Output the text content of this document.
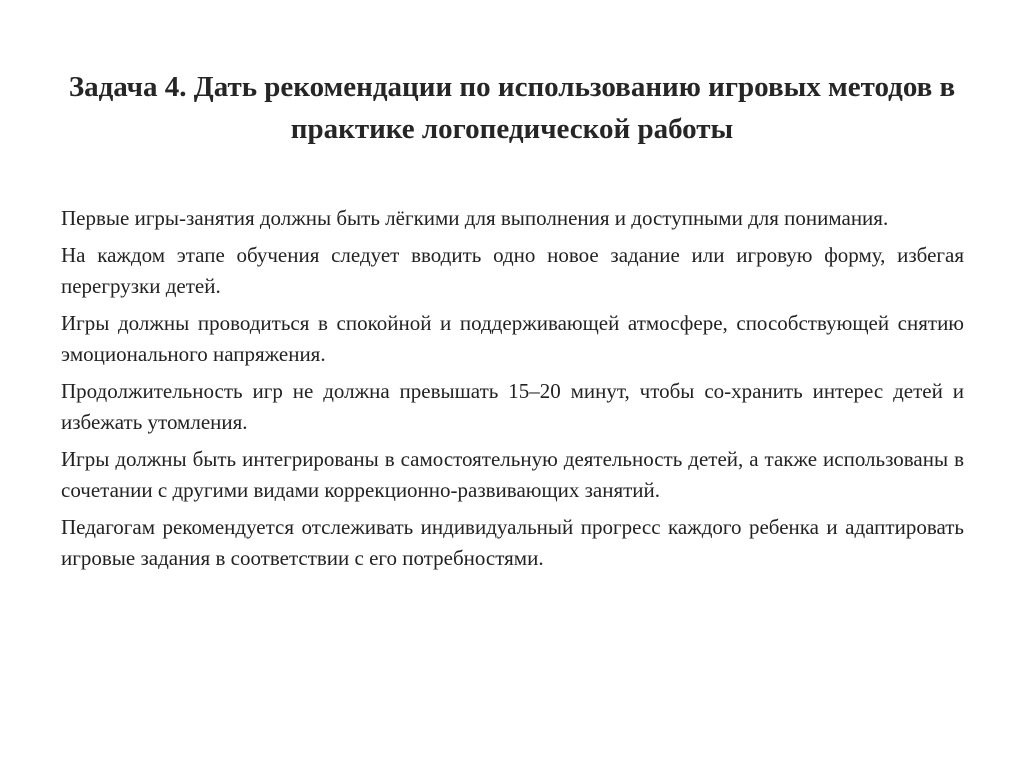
Задача 4. Дать рекомендации по использованию игровых методов в практике логопедической работы
Первые игры-занятия должны быть лёгкими для выполнения и доступными для понимания.
На каждом этапе обучения следует вводить одно новое задание или игровую форму, избегая перегрузки детей.
Игры должны проводиться в спокойной и поддерживающей атмосфере, способствующей снятию эмоционального напряжения.
Продолжительность игр не должна превышать 15–20 минут, чтобы со-хранить интерес детей и избежать утомления.
Игры должны быть интегрированы в самостоятельную деятельность детей, а также использованы в сочетании с другими видами коррекционно-развивающих занятий.
Педагогам рекомендуется отслеживать индивидуальный прогресс каждого ребенка и адаптировать игровые задания в соответствии с его потребностями.
